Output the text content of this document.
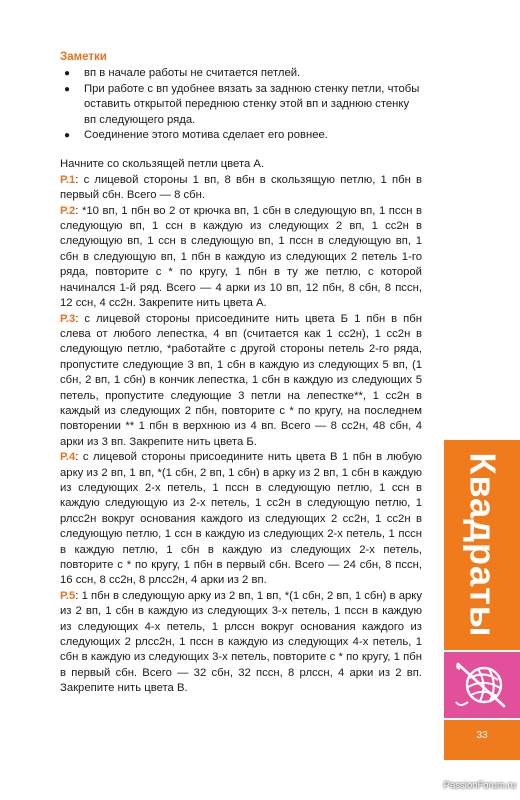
Заметки
● вп в начале работы не считается петлей.
● При работе с вп удобнее вязать за заднюю стенку петли, чтобы оставить открытой переднюю стенку этой вп и заднюю стенку вп следующего ряда.
● Соединение этого мотива сделает его ровнее.

Начните со скользящей петли цвета А.

Р.1: с лицевой стороны 1 вп, 8 вбн в скользящую петлю, 1 пбн в первый сбн. Всего — 8 сбн.

Р.2: *10 вп, 1 пбн во 2 от крючка вп, 1 сбн в следующую вп, 1 пссн в следующую вп, 1 ссн в каждую из следующих 2 вп, 1 сс2н в следующую вп, 1 ссн в следующую вп, 1 пссн в следующую вп, 1 сбн в следующую вп, 1 пбн в каждую из следующих 2 петель 1-го ряда, повторите с * по кругу, 1 пбн в ту же петлю, с которой начинался 1-й ряд. Всего — 4 арки из 10 вп, 12 пбн, 8 сбн, 8 пссн, 12 ссн, 4 сс2н. Закрепите нить цвета А.

Р.3: с лицевой стороны присоедините нить цвета Б 1 пбн в пбн слева от любого лепестка, 4 вп (считается как 1 сс2н), 1 сс2н в следующую петлю, *работайте с другой стороны петель 2-го ряда, пропустите следующие 3 вп, 1 сбн в каждую из следующих 5 вп, (1 сбн, 2 вп, 1 сбн) в кончик лепестка, 1 сбн в каждую из следующих 5 петель, пропустите следующие 3 петли на лепестке**, 1 сс2н в каждый из следующих 2 пбн, повторите с * по кругу, на последнем повторении ** 1 пбн в верхнюю из 4 вп. Всего — 8 сс2н, 48 сбн, 4 арки из 3 вп. Закрепите нить цвета Б.

Р.4: с лицевой стороны присоедините нить цвета В 1 пбн в любую арку из 2 вп, 1 вп, *(1 сбн, 2 вп, 1 сбн) в арку из 2 вп, 1 сбн в каждую из следующих 2-х петель, 1 пссн в следующую петлю, 1 ссн в каждую следующую из 2-х петель, 1 сс2н в следующую петлю, 1 рлсс2н вокруг основания каждого из следующих 2 сс2н, 1 сс2н в следующую петлю, 1 ссн в каждую из следующих 2-х петель, 1 пссн в каждую петлю, 1 сбн в каждую из следующих 2-х петель, повторите с * по кругу, 1 пбн в первый сбн. Всего — 24 сбн, 8 пссн, 16 ссн, 8 сс2н, 8 рлсс2н, 4 арки из 2 вп.

Р.5: 1 пбн в следующую арку из 2 вп, 1 вп, *(1 сбн, 2 вп, 1 сбн) в арку из 2 вп, 1 сбн в каждую из следующих 3-х петель, 1 пссн в каждую из следующих 4-х петель, 1 рлссн вокруг основания каждого из следующих 2 рлсс2н, 1 пссн в каждую из следующих 4-х петель, 1 сбн в каждую из следующих 3-х петель, повторите с * по кругу, 1 пбн в первый сбн. Всего — 32 сбн, 32 пссн, 8 рлссн, 4 арки из 2 вп. Закрепите нить цвета В.

Квадраты
33
PassionForum.ru
